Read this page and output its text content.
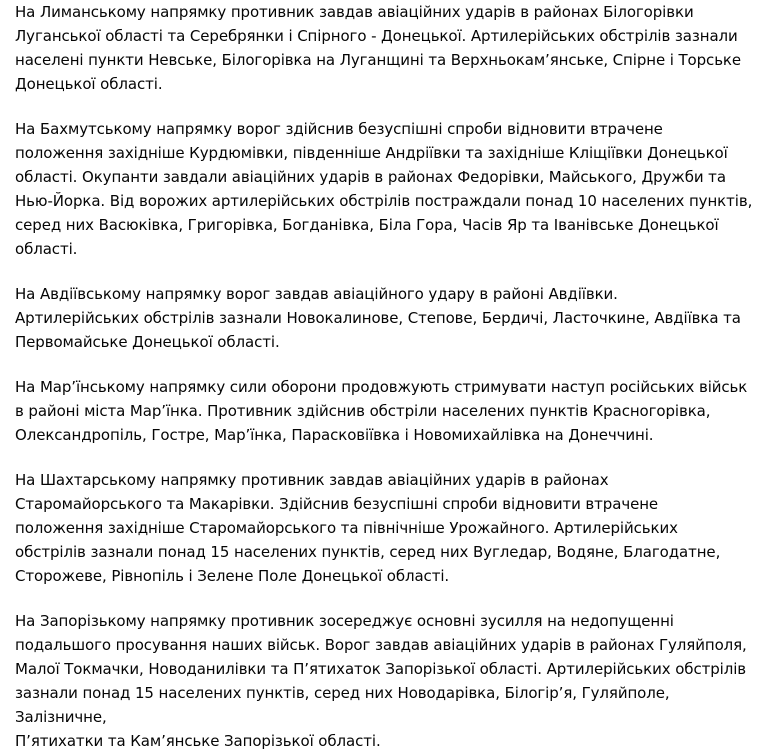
На Лиманському напрямку противник завдав авіаційних ударів в районах Білогорівки
Луганської області та Серебрянки і Спірного - Донецької. Артилерійських обстрілів зазнали
населені пункти Невське, Білогорівка на Луганщині та Верхньокам’янське, Спірне і Торське
Донецької області.

На Бахмутському напрямку ворог здійснив безуспішні спроби відновити втрачене
положення західніше Курдюмівки, південніше Андріївки та західніше Кліщіївки Донецької
області. Окупанти завдали авіаційних ударів в районах Федорівки, Майського, Дружби та
Нью-Йорка. Від ворожих артилерійських обстрілів постраждали понад 10 населених пунктів,
серед них Васюківка, Григорівка, Богданівка, Біла Гора, Часів Яр та Іванівське Донецької
області.

На Авдіївському напрямку ворог завдав авіаційного удару в районі Авдіївки.
Артилерійських обстрілів зазнали Новокалинове, Степове, Бердичі, Ласточкине, Авдіївка та
Первомайське Донецької області.

На Мар’їнському напрямку сили оборони продовжують стримувати наступ російських військ
в районі міста Мар’їнка. Противник здійснив обстріли населених пунктів Красногорівка,
Олександропіль, Гостре, Мар’їнка, Парасковіївка і Новомихайлівка на Донеччині.

На Шахтарському напрямку противник завдав авіаційних ударів в районах
Старомайорського та Макарівки. Здійснив безуспішні спроби відновити втрачене
положення західніше Старомайорського та північніше Урожайного. Артилерійських
обстрілів зазнали понад 15 населених пунктів, серед них Вугледар, Водяне, Благодатне,
Сторожеве, Рівнопіль і Зелене Поле Донецької області.

На Запорізькому напрямку противник зосереджує основні зусилля на недопущенні
подальшого просування наших військ. Ворог завдав авіаційних ударів в районах Гуляйполя,
Малої Токмачки, Новоданилівки та П’ятихаток Запорізької області. Артилерійських обстрілів
зазнали понад 15 населених пунктів, серед них Новодарівка, Білогір’я, Гуляйполе, Залізничне,
П’ятихатки та Кам’янське Запорізької області.
